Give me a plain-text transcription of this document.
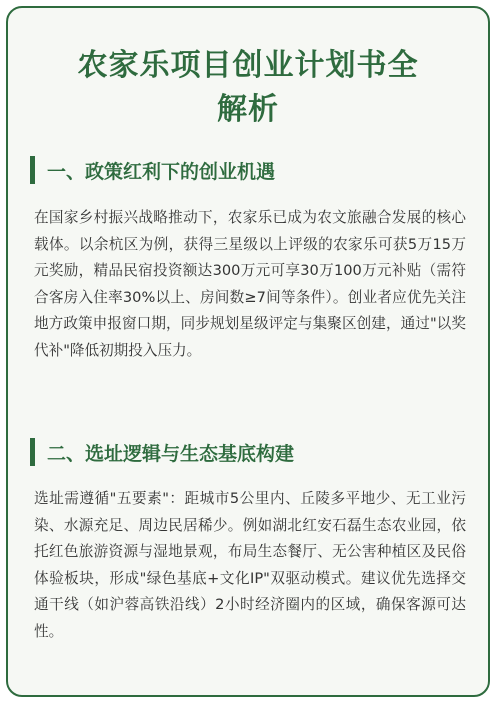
农家乐项目创业计划书全
解析
一、政策红利下的创业机遇

在国家乡村振兴战略推动下，农家乐已成为农文旅融合发展的核心载体。以余杭区为例，获得三星级以上评级的农家乐可获5万15万元奖励，精品民宿投资额达300万元可享30万100万元补贴（需符合客房入住率30%以上、房间数≥7间等条件）。创业者应优先关注地方政策申报窗口期，同步规划星级评定与集聚区创建，通过"以奖代补"降低初期投入压力。

二、选址逻辑与生态基底构建

选址需遵循"五要素"：距城市5公里内、丘陵多平地少、无工业污染、水源充足、周边民居稀少。例如湖北红安石磊生态农业园，依托红色旅游资源与湿地景观，布局生态餐厅、无公害种植区及民俗体验板块，形成"绿色基底+文化IP"双驱动模式。建议优先选择交通干线（如沪蓉高铁沿线）2小时经济圈内的区域，确保客源可达性。
